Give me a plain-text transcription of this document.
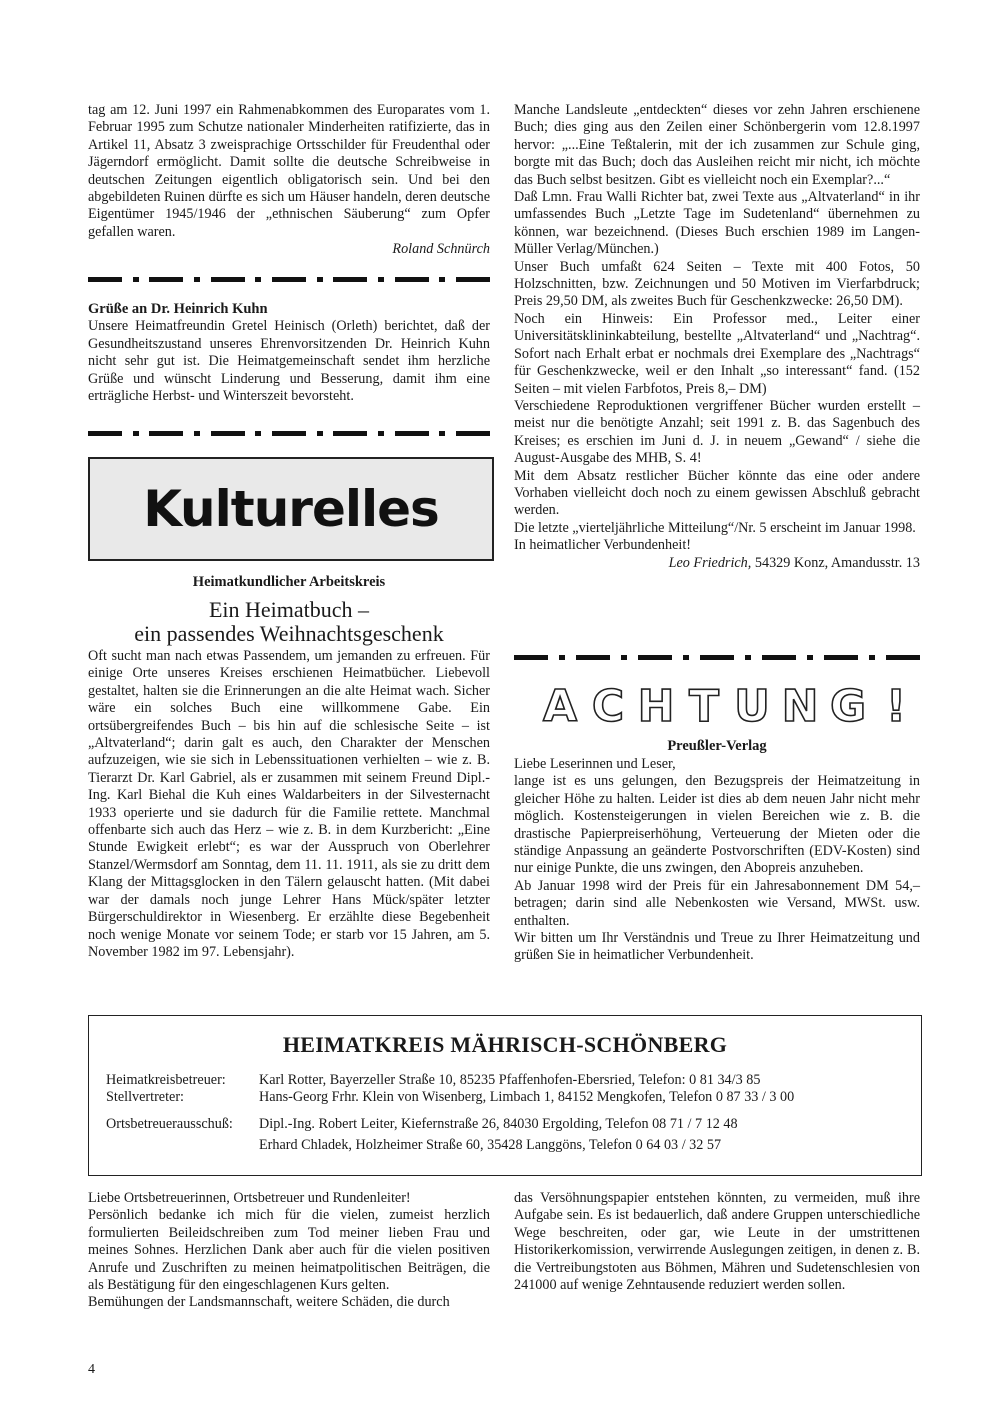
tag am 12. Juni 1997 ein Rahmenabkommen des Europarates vom 1. Februar 1995 zum Schutze nationaler Minderheiten ratifizierte, das in Artikel 11, Absatz 3 zweisprachige Ortsschilder für Freudenthal oder Jägerndorf ermöglicht. Damit sollte die deutsche Schreibweise in deutschen Zeitungen eigentlich obligatorisch sein. Und bei den abgebildeten Ruinen dürfte es sich um Häuser handeln, deren deutsche Eigentümer 1945/1946 der „ethnischen Säuberung“ zum Opfer gefallen waren.

Roland Schnürch

Grüße an Dr. Heinrich Kuhn

Unsere Heimatfreundin Gretel Heinisch (Orleth) berichtet, daß der Gesundheitszustand unseres Ehrenvorsitzenden Dr. Heinrich Kuhn nicht sehr gut ist. Die Heimatgemeinschaft sendet ihm herzliche Grüße und wünscht Linderung und Besserung, damit ihm eine erträgliche Herbst- und Winterszeit bevorsteht.

Kulturelles
Heimatkundlicher Arbeitskreis
Ein Heimatbuch –
ein passendes Weihnachtsgeschenk

Oft sucht man nach etwas Passendem, um jemanden zu erfreuen. Für einige Orte unseres Kreises erschienen Heimatbücher. Liebevoll gestaltet, halten sie die Erinnerungen an die alte Heimat wach. Sicher wäre ein solches Buch eine willkommene Gabe. Ein ortsübergreifendes Buch – bis hin auf die schlesische Seite – ist „Altvaterland“; darin galt es auch, den Charakter der Menschen aufzuzeigen, wie sie sich in Lebenssituationen verhielten – wie z. B. Tierarzt Dr. Karl Gabriel, als er zusammen mit seinem Freund Dipl.-Ing. Karl Biehal die Kuh eines Waldarbeiters in der Silvesternacht 1933 operierte und sie dadurch für die Familie rettete. Manchmal offenbarte sich auch das Herz – wie z. B. in dem Kurzbericht: „Eine Stunde Ewigkeit erlebt“; es war der Ausspruch von Oberlehrer Stanzel/Wermsdorf am Sonntag, dem 11. 11. 1911, als sie zu dritt dem Klang der Mittagsglocken in den Tälern gelauscht hatten. (Mit dabei war der damals noch junge Lehrer Hans Mück/später letzter Bürgerschuldirektor in Wiesenberg. Er erzählte diese Begebenheit noch wenige Monate vor seinem Tode; er starb vor 15 Jahren, am 5. November 1982 im 97. Lebensjahr).

Manche Landsleute „entdeckten“ dieses vor zehn Jahren erschienene Buch; dies ging aus den Zeilen einer Schönbergerin vom 12.8.1997 hervor: „...Eine Teßtalerin, mit der ich zusammen zur Schule ging, borgte mit das Buch; doch das Ausleihen reicht mir nicht, ich möchte das Buch selbst besitzen. Gibt es vielleicht noch ein Exemplar?...“

Daß Lmn. Frau Walli Richter bat, zwei Texte aus „Altvaterland“ in ihr umfassendes Buch „Letzte Tage im Sudetenland“ übernehmen zu können, war bezeichnend. (Dieses Buch erschien 1989 im Langen-Müller Verlag/München.)

Unser Buch umfaßt 624 Seiten – Texte mit 400 Fotos, 50 Holzschnitten, bzw. Zeichnungen und 50 Motiven im Vierfarbdruck; Preis 29,50 DM, als zweites Buch für Geschenkzwecke: 26,50 DM).

Noch ein Hinweis: Ein Professor med., Leiter einer Universitätsklininkabteilung, bestellte „Altvaterland“ und „Nachtrag“. Sofort nach Erhalt erbat er nochmals drei Exemplare des „Nachtrags“ für Geschenkzwecke, weil er den Inhalt „so interessant“ fand. (152 Seiten – mit vielen Farbfotos, Preis 8,– DM)

Verschiedene Reproduktionen vergriffener Bücher wurden erstellt – meist nur die benötigte Anzahl; seit 1991 z. B. das Sagenbuch des Kreises; es erschien im Juni d. J. in neuem „Gewand“ / siehe die August-Ausgabe des MHB, S. 4!

Mit dem Absatz restlicher Bücher könnte das eine oder andere Vorhaben vielleicht doch noch zu einem gewissen Abschluß gebracht werden.

Die letzte „vierteljährliche Mitteilung“/Nr. 5 erscheint im Januar 1998.

In heimatlicher Verbundenheit!

Leo Friedrich, 54329 Konz, Amandusstr. 13

A C H T U N G !
Preußler-Verlag

Liebe Leserinnen und Leser,

lange ist es uns gelungen, den Bezugspreis der Heimatzeitung in gleicher Höhe zu halten. Leider ist dies ab dem neuen Jahr nicht mehr möglich. Kostensteigerungen in vielen Bereichen wie z. B. die drastische Papierpreiserhöhung, Verteuerung der Mieten oder die ständige Anpassung an geänderte Postvorschriften (EDV-Kosten) sind nur einige Punkte, die uns zwingen, den Abopreis anzuheben.

Ab Januar 1998 wird der Preis für ein Jahresabonnement DM 54,– betragen; darin sind alle Nebenkosten wie Versand, MWSt. usw. enthalten.

Wir bitten um Ihr Verständnis und Treue zu Ihrer Heimatzeitung und grüßen Sie in heimatlicher Verbundenheit.

HEIMATKREIS MÄHRISCH-SCHÖNBERG
Heimatkreisbetreuer: Karl Rotter, Bayerzeller Straße 10, 85235 Pfaffenhofen-Ebersried, Telefon: 0 81 34/3 85
Stellvertreter:	Hans-Georg Frhr. Klein von Wisenberg, Limbach 1, 84152 Mengkofen, Telefon 0 87 33 / 3 00
Ortsbetreuerausschuß: Dipl.-Ing. Robert Leiter, Kiefernstraße 26, 84030 Ergolding, Telefon 08 71 / 7 12 48
Erhard Chladek, Holzheimer Straße 60, 35428 Langgöns, Telefon 0 64 03 / 32 57

Liebe Ortsbetreuerinnen, Ortsbetreuer und Rundenleiter!

Persönlich bedanke ich mich für die vielen, zumeist herzlich formulierten Beileidschreiben zum Tod meiner lieben Frau und meines Sohnes. Herzlichen Dank aber auch für die vielen positiven Anrufe und Zuschriften zu meinen heimatpolitischen Beiträgen, die als Bestätigung für den eingeschlagenen Kurs gelten.

Bemühungen der Landsmannschaft, weitere Schäden, die durch

das Versöhnungspapier entstehen könnten, zu vermeiden, muß ihre Aufgabe sein. Es ist bedauerlich, daß andere Gruppen unterschiedliche Wege beschreiten, oder gar, wie Leute in der umstrittenen Historikerkomission, verwirrende Auslegungen zeitigen, in denen z. B. die Vertreibungstoten aus Böhmen, Mähren und Sudetenschlesien von 241000 auf wenige Zehntausende reduziert werden sollen.

4
